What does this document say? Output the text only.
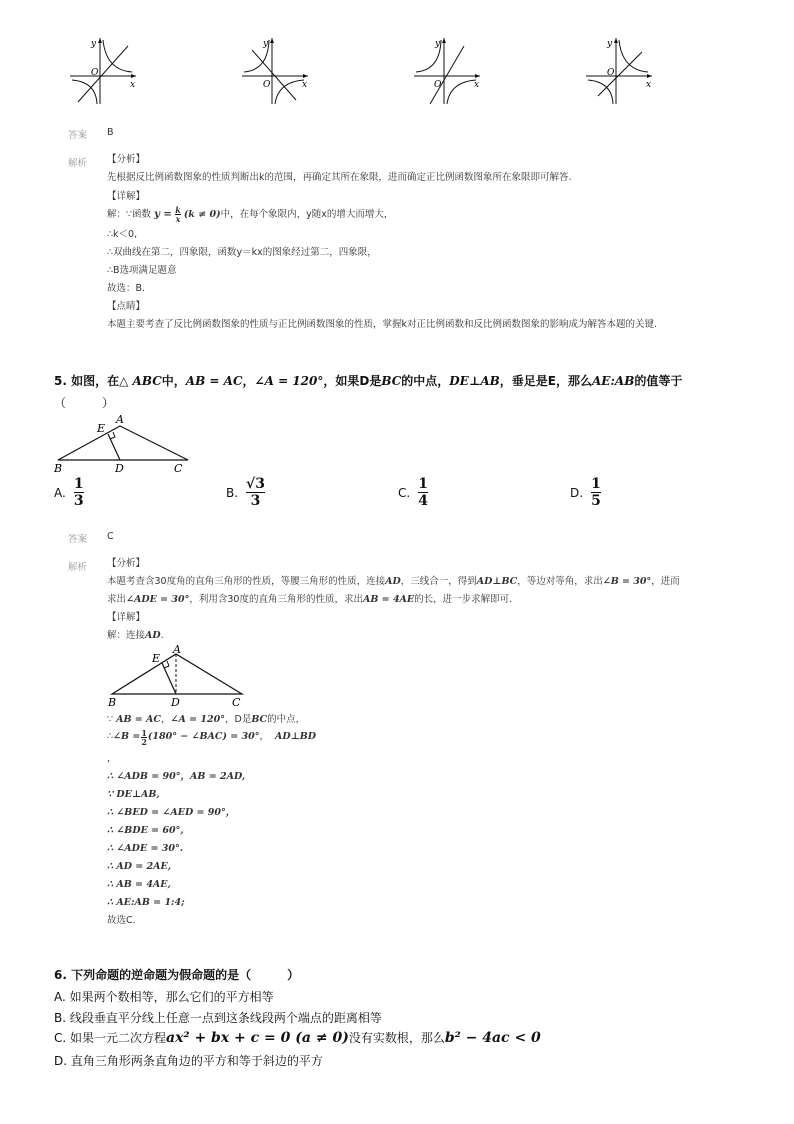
y
x
O
y
x
O
y
x
O
y
x
O
答案 B
解析 【分析】
先根据反比例函数图象的性质判断出k的范围，再确定其所在象限，进而确定正比例函数图象所在象限即可解答.
【详解】
解：∵函数 $y = \frac{k}{x} (k \ne 0)$中，在每个象限内，y随x的增大而增大，
∴k＜0,
∴双曲线在第二，四象限，函数y＝kx的图象经过第二，四象限，
∴B选项满足题意
故选：B.
【点睛】
本题主要考查了反比例函数图象的性质与正比例函数图象的性质，掌握k对正比例函数和反比例函数图象的影响成为解答本题的关键.
5. 如图，在△ ABC中，AB = AC，∠A = 120°，如果D是BC的中点，DE⊥AB，垂足是E，那么AE:AB的值等于
（　　　）
A
B	C
D
E
A. $\frac{1}{3}$	B. $\frac{√3}{3}$	C. $\frac{1}{4}$	D. $\frac{1}{5}$
答案 C
解析 【分析】
本题考查含30度角的直角三角形的性质，等腰三角形的性质，连接AD，三线合一，得到AD⊥BC，等边对等角，求出∠B = 30°，进而
求出∠ADE = 30°，利用含30度的直角三角形的性质，求出AB = 4AE的长，进一步求解即可.
【详解】
解：连接AD.
A
B	C
D
E
∵ AB = AC，∠A = 120°，D是BC的中点，
∴ ∠B = $\frac{1}{2} (180^\circ$ − ∠BAC) = 30° ， AD⊥BD
，
∴ ∠ADB = 90°，AB = 2AD,
∵ DE⊥AB,
∴ ∠BED = ∠AED = 90°，
∴ ∠BDE = 60°,
∴ ∠ADE = 30°.
∴ AD = 2AE,
∴ AB = 4AE,
∴ AE:AB = 1:4;
故选C.
6. 下列命题的逆命题为假命题的是（　　　）
A. 如果两个数相等，那么它们的平方相等
B. 线段垂直平分线上任意一点到这条线段两个端点的距离相等
C. 如果一元二次方程ax² + bx + c = 0 (a ≠ 0)没有实数根，那么b² − 4ac < 0
D. 直角三角形两条直角边的平方和等于斜边的平方
